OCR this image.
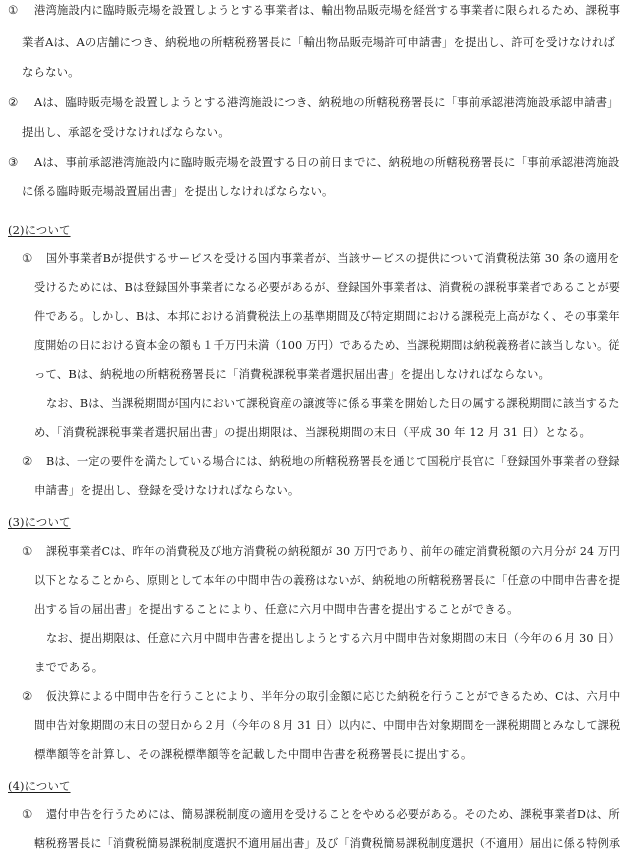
① 港湾施設内に臨時販売場を設置しようとする事業者は、輸出物品販売場を経営する事業者に限られるため、課税事
業者Aは、Aの店舗につき、納税地の所轄税務署長に「輸出物品販売場許可申請書」を提出し、許可を受けなければ
ならない。
② Aは、臨時販売場を設置しようとする港湾施設につき、納税地の所轄税務署長に「事前承認港湾施設承認申請書」
提出し、承認を受けなければならない。
③ Aは、事前承認港湾施設内に臨時販売場を設置する日の前日までに、納税地の所轄税務署長に「事前承認港湾施設
に係る臨時販売場設置届出書」を提出しなければならない。
(2)について
① 国外事業者Bが提供するサービスを受ける国内事業者が、当該サービスの提供について消費税法第 30 条の適用を
受けるためには、Bは登録国外事業者になる必要があるが、登録国外事業者は、消費税の課税事業者であることが要
件である。しかし、Bは、本邦における消費税法上の基準期間及び特定期間における課税売上高がなく、その事業年
度開始の日における資本金の額も１千万円未満（100 万円）であるため、当課税期間は納税義務者に該当しない。従
って、Bは、納税地の所轄税務署長に「消費税課税事業者選択届出書」を提出しなければならない。
なお、Bは、当課税期間が国内において課税資産の譲渡等に係る事業を開始した日の属する課税期間に該当するた
め、「消費税課税事業者選択届出書」の提出期限は、当課税期間の末日（平成 30 年 12 月 31 日）となる。
② Bは、一定の要件を満たしている場合には、納税地の所轄税務署長を通じて国税庁長官に「登録国外事業者の登録
申請書」を提出し、登録を受けなければならない。
(3)について
① 課税事業者Cは、昨年の消費税及び地方消費税の納税額が 30 万円であり、前年の確定消費税額の六月分が 24 万円
以下となることから、原則として本年の中間申告の義務はないが、納税地の所轄税務署長に「任意の中間申告書を提
出する旨の届出書」を提出することにより、任意に六月中間申告書を提出することができる。
なお、提出期限は、任意に六月中間申告書を提出しようとする六月中間申告対象期間の末日（今年の６月 30 日）
までである。
② 仮決算による中間申告を行うことにより、半年分の取引金額に応じた納税を行うことができるため、Cは、六月中
間申告対象期間の末日の翌日から２月（今年の８月 31 日）以内に、中間申告対象期間を一課税期間とみなして課税
標準額等を計算し、その課税標準額等を記載した中間申告書を税務署長に提出する。
(4)について
① 還付申告を行うためには、簡易課税制度の適用を受けることをやめる必要がある。そのため、課税事業者Dは、所
轄税務署長に「消費税簡易課税制度選択不適用届出書」及び「消費税簡易課税制度選択（不適用）届出に係る特例承
